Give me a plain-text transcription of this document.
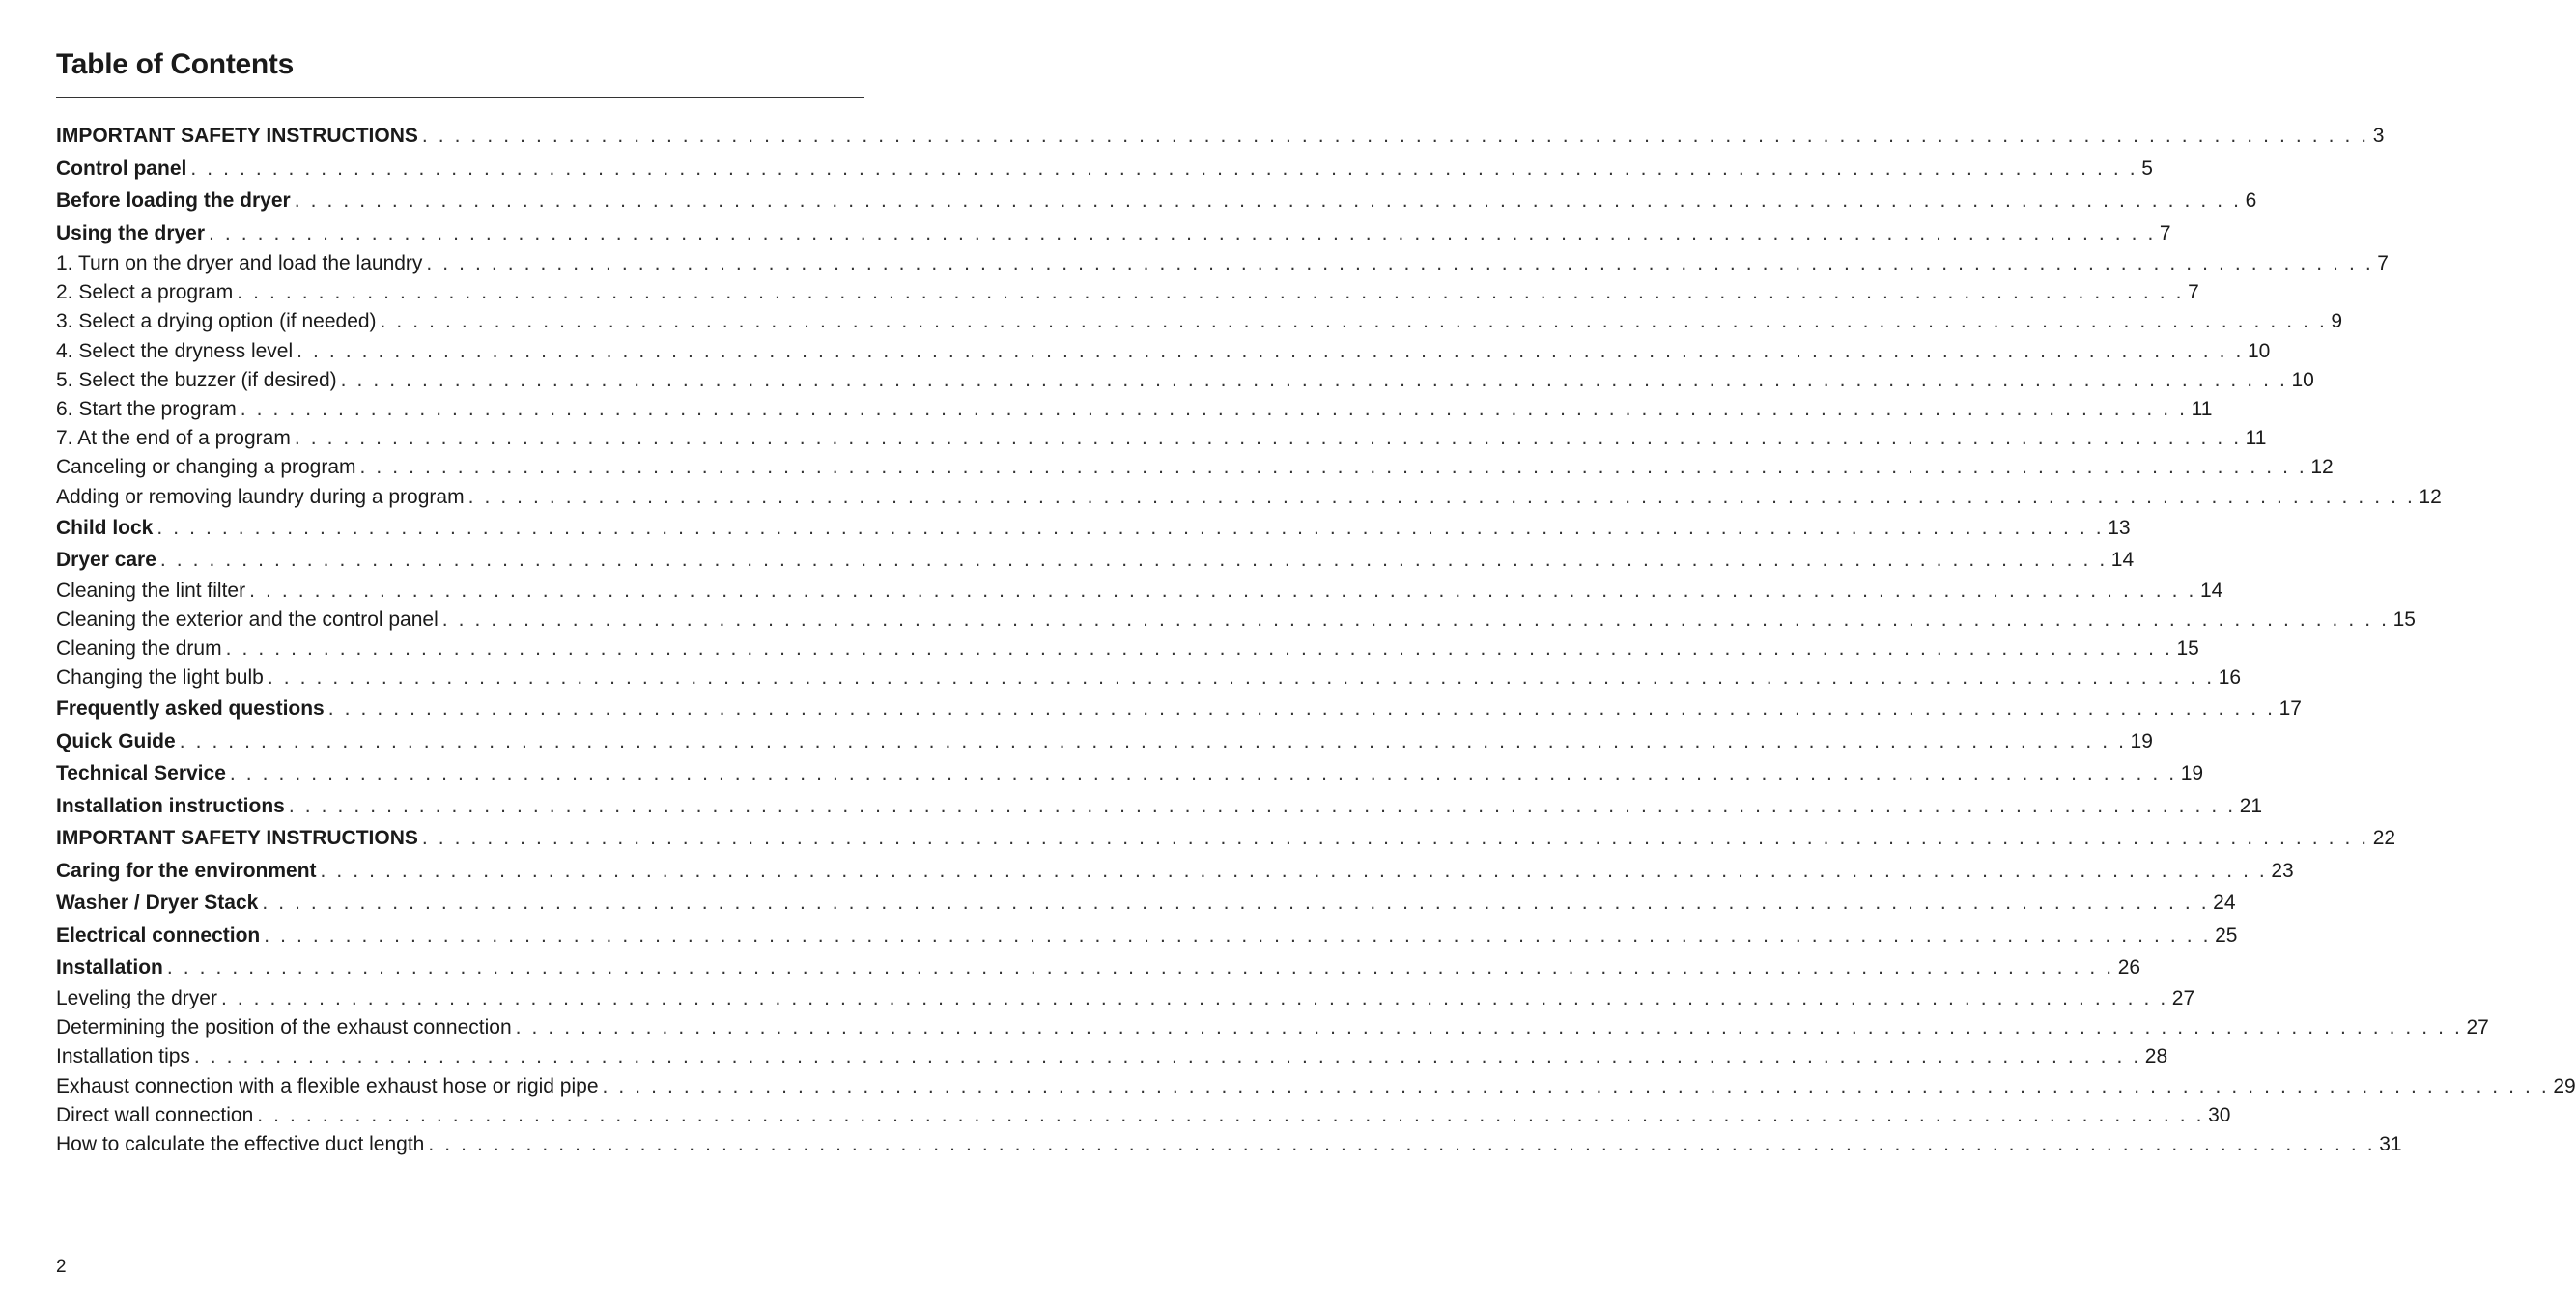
Table of Contents
IMPORTANT SAFETY INSTRUCTIONS . . . . . . . . . . . . . . . . . . . . . . . . . . . . . . . . . . . . . . . . . . . . . . . . . . . . . . . . . . . . . . . . . . . . . . . . . . . . . . . . . . . . . . . . . . . . . . . . . . . . . . . . . . . . . . . . . . . . . . . . 3
Control panel . . . . . . . . . . . . . . . . . . . . . . . . . . . . . . . . . . . . . . . . . . . . . . . . . . . . . . . . . . . . . . . . . . . . . . . . . . . . . . . . . . . . . . . . . . . . . . . . . . . . . . . . . . . . . . . . . . . . . . . . 5
Before loading the dryer . . . . . . . . . . . . . . . . . . . . . . . . . . . . . . . . . . . . . . . . . . . . . . . . . . . . . . . . . . . . . . . . . . . . . . . . . . . . . . . . . . . . . . . . . . . . . . . . . . . . . . . . . . . . . . . . . . . . . . . . 6
Using the dryer . . . . . . . . . . . . . . . . . . . . . . . . . . . . . . . . . . . . . . . . . . . . . . . . . . . . . . . . . . . . . . . . . . . . . . . . . . . . . . . . . . . . . . . . . . . . . . . . . . . . . . . . . . . . . . . . . . . . . . . . 7
1. Turn on the dryer and load the laundry . . . . . . . . . . . . . . . . . . . . . . . . . . . . . . . . . . . . . . . . . . . . . . . . . . . . . . . . . . . . . . . . . . . . . . . . . . . . . . . . . . . . . . . . . . . . . . . . . . . . . . . . . . . . . . . . . . . . . . . . 7
2. Select a program . . . . . . . . . . . . . . . . . . . . . . . . . . . . . . . . . . . . . . . . . . . . . . . . . . . . . . . . . . . . . . . . . . . . . . . . . . . . . . . . . . . . . . . . . . . . . . . . . . . . . . . . . . . . . . . . . . . . . . . . 7
3. Select a drying option (if needed) . . . . . . . . . . . . . . . . . . . . . . . . . . . . . . . . . . . . . . . . . . . . . . . . . . . . . . . . . . . . . . . . . . . . . . . . . . . . . . . . . . . . . . . . . . . . . . . . . . . . . . . . . . . . . . . . . . . . . . . . 9
4. Select the dryness level . . . . . . . . . . . . . . . . . . . . . . . . . . . . . . . . . . . . . . . . . . . . . . . . . . . . . . . . . . . . . . . . . . . . . . . . . . . . . . . . . . . . . . . . . . . . . . . . . . . . . . . . . . . . . . . . . . . . . . . . 10
5. Select the buzzer (if desired) . . . . . . . . . . . . . . . . . . . . . . . . . . . . . . . . . . . . . . . . . . . . . . . . . . . . . . . . . . . . . . . . . . . . . . . . . . . . . . . . . . . . . . . . . . . . . . . . . . . . . . . . . . . . . . . . . . . . . . . . 10
6. Start the program . . . . . . . . . . . . . . . . . . . . . . . . . . . . . . . . . . . . . . . . . . . . . . . . . . . . . . . . . . . . . . . . . . . . . . . . . . . . . . . . . . . . . . . . . . . . . . . . . . . . . . . . . . . . . . . . . . . . . . . . 11
7. At the end of a program . . . . . . . . . . . . . . . . . . . . . . . . . . . . . . . . . . . . . . . . . . . . . . . . . . . . . . . . . . . . . . . . . . . . . . . . . . . . . . . . . . . . . . . . . . . . . . . . . . . . . . . . . . . . . . . . . . . . . . . . 11
Canceling or changing a program . . . . . . . . . . . . . . . . . . . . . . . . . . . . . . . . . . . . . . . . . . . . . . . . . . . . . . . . . . . . . . . . . . . . . . . . . . . . . . . . . . . . . . . . . . . . . . . . . . . . . . . . . . . . . . . . . . . . . . . . 12
Adding or removing laundry during a program . . . . . . . . . . . . . . . . . . . . . . . . . . . . . . . . . . . . . . . . . . . . . . . . . . . . . . . . . . . . . . . . . . . . . . . . . . . . . . . . . . . . . . . . . . . . . . . . . . . . . . . . . . . . . . . . . . . . . . . . 12
Child lock . . . . . . . . . . . . . . . . . . . . . . . . . . . . . . . . . . . . . . . . . . . . . . . . . . . . . . . . . . . . . . . . . . . . . . . . . . . . . . . . . . . . . . . . . . . . . . . . . . . . . . . . . . . . . . . . . . . . . . . . 13
Dryer care . . . . . . . . . . . . . . . . . . . . . . . . . . . . . . . . . . . . . . . . . . . . . . . . . . . . . . . . . . . . . . . . . . . . . . . . . . . . . . . . . . . . . . . . . . . . . . . . . . . . . . . . . . . . . . . . . . . . . . . . 14
Cleaning the lint filter . . . . . . . . . . . . . . . . . . . . . . . . . . . . . . . . . . . . . . . . . . . . . . . . . . . . . . . . . . . . . . . . . . . . . . . . . . . . . . . . . . . . . . . . . . . . . . . . . . . . . . . . . . . . . . . . . . . . . . . . 14
Cleaning the exterior and the control panel . . . . . . . . . . . . . . . . . . . . . . . . . . . . . . . . . . . . . . . . . . . . . . . . . . . . . . . . . . . . . . . . . . . . . . . . . . . . . . . . . . . . . . . . . . . . . . . . . . . . . . . . . . . . . . . . . . . . . . . . 15
Cleaning the drum . . . . . . . . . . . . . . . . . . . . . . . . . . . . . . . . . . . . . . . . . . . . . . . . . . . . . . . . . . . . . . . . . . . . . . . . . . . . . . . . . . . . . . . . . . . . . . . . . . . . . . . . . . . . . . . . . . . . . . . . 15
Changing the light bulb . . . . . . . . . . . . . . . . . . . . . . . . . . . . . . . . . . . . . . . . . . . . . . . . . . . . . . . . . . . . . . . . . . . . . . . . . . . . . . . . . . . . . . . . . . . . . . . . . . . . . . . . . . . . . . . . . . . . . . . . 16
Frequently asked questions . . . . . . . . . . . . . . . . . . . . . . . . . . . . . . . . . . . . . . . . . . . . . . . . . . . . . . . . . . . . . . . . . . . . . . . . . . . . . . . . . . . . . . . . . . . . . . . . . . . . . . . . . . . . . . . . . . . . . . . . 17
Quick Guide . . . . . . . . . . . . . . . . . . . . . . . . . . . . . . . . . . . . . . . . . . . . . . . . . . . . . . . . . . . . . . . . . . . . . . . . . . . . . . . . . . . . . . . . . . . . . . . . . . . . . . . . . . . . . . . . . . . . . . . . 19
Technical Service . . . . . . . . . . . . . . . . . . . . . . . . . . . . . . . . . . . . . . . . . . . . . . . . . . . . . . . . . . . . . . . . . . . . . . . . . . . . . . . . . . . . . . . . . . . . . . . . . . . . . . . . . . . . . . . . . . . . . . . . 19
Installation instructions . . . . . . . . . . . . . . . . . . . . . . . . . . . . . . . . . . . . . . . . . . . . . . . . . . . . . . . . . . . . . . . . . . . . . . . . . . . . . . . . . . . . . . . . . . . . . . . . . . . . . . . . . . . . . . . . . . . . . . . . 21
IMPORTANT SAFETY INSTRUCTIONS . . . . . . . . . . . . . . . . . . . . . . . . . . . . . . . . . . . . . . . . . . . . . . . . . . . . . . . . . . . . . . . . . . . . . . . . . . . . . . . . . . . . . . . . . . . . . . . . . . . . . . . . . . . . . . . . . . . . . . . . 22
Caring for the environment . . . . . . . . . . . . . . . . . . . . . . . . . . . . . . . . . . . . . . . . . . . . . . . . . . . . . . . . . . . . . . . . . . . . . . . . . . . . . . . . . . . . . . . . . . . . . . . . . . . . . . . . . . . . . . . . . . . . . . . . 23
Washer / Dryer Stack . . . . . . . . . . . . . . . . . . . . . . . . . . . . . . . . . . . . . . . . . . . . . . . . . . . . . . . . . . . . . . . . . . . . . . . . . . . . . . . . . . . . . . . . . . . . . . . . . . . . . . . . . . . . . . . . . . . . . . . . 24
Electrical connection . . . . . . . . . . . . . . . . . . . . . . . . . . . . . . . . . . . . . . . . . . . . . . . . . . . . . . . . . . . . . . . . . . . . . . . . . . . . . . . . . . . . . . . . . . . . . . . . . . . . . . . . . . . . . . . . . . . . . . . . 25
Installation . . . . . . . . . . . . . . . . . . . . . . . . . . . . . . . . . . . . . . . . . . . . . . . . . . . . . . . . . . . . . . . . . . . . . . . . . . . . . . . . . . . . . . . . . . . . . . . . . . . . . . . . . . . . . . . . . . . . . . . . 26
Leveling the dryer . . . . . . . . . . . . . . . . . . . . . . . . . . . . . . . . . . . . . . . . . . . . . . . . . . . . . . . . . . . . . . . . . . . . . . . . . . . . . . . . . . . . . . . . . . . . . . . . . . . . . . . . . . . . . . . . . . . . . . . . 27
Determining the position of the exhaust connection . . . . . . . . . . . . . . . . . . . . . . . . . . . . . . . . . . . . . . . . . . . . . . . . . . . . . . . . . . . . . . . . . . . . . . . . . . . . . . . . . . . . . . . . . . . . . . . . . . . . . . . . . . . . . . . . . . . . . . . . 27
Installation tips . . . . . . . . . . . . . . . . . . . . . . . . . . . . . . . . . . . . . . . . . . . . . . . . . . . . . . . . . . . . . . . . . . . . . . . . . . . . . . . . . . . . . . . . . . . . . . . . . . . . . . . . . . . . . . . . . . . . . . . . 28
Exhaust connection with a flexible exhaust hose or rigid pipe . . . . . . . . . . . . . . . . . . . . . . . . . . . . . . . . . . . . . . . . . . . . . . . . . . . . . . . . . . . . . . . . . . . . . . . . . . . . . . . . . . . . . . . . . . . . . . . . . . . . . . . . . . . . . . . . . . . . . . . . 29
Direct wall connection . . . . . . . . . . . . . . . . . . . . . . . . . . . . . . . . . . . . . . . . . . . . . . . . . . . . . . . . . . . . . . . . . . . . . . . . . . . . . . . . . . . . . . . . . . . . . . . . . . . . . . . . . . . . . . . . . . . . . . . . 30
How to calculate the effective duct length . . . . . . . . . . . . . . . . . . . . . . . . . . . . . . . . . . . . . . . . . . . . . . . . . . . . . . . . . . . . . . . . . . . . . . . . . . . . . . . . . . . . . . . . . . . . . . . . . . . . . . . . . . . . . . . . . . . . . . . . 31
2
